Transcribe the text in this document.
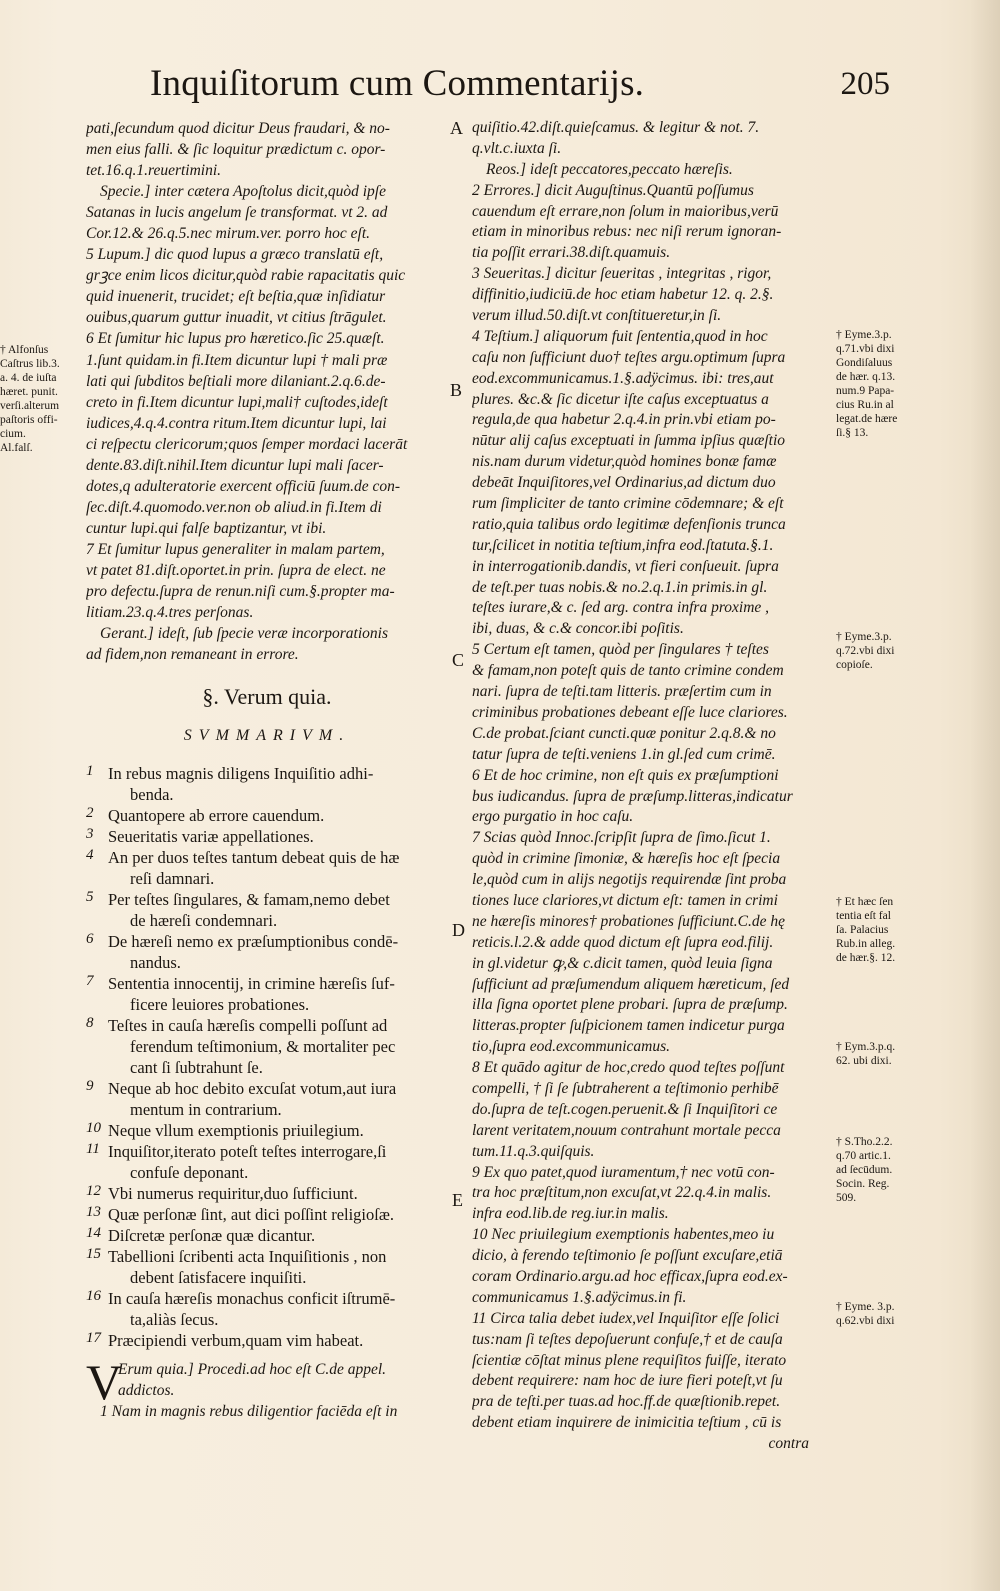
Inquiſitorum cum Commentarijs.	205
† Alfonſus
Caſtrus lib.3.
a. 4. de iuſta
hæret. punit.
verſi.alterum
paſtoris offi-
cium.
Al.falſ.
pati,ſecundum quod dicitur Deus fraudari, & no-
men eius falli. & ſic loquitur prædictum c. opor-
tet.16.q.1.reuertimini.
Specie.] inter cætera Apoſtolus dicit,quòd ipſe
Satanas in lucis angelum ſe transformat. vt 2. ad
Cor.12.& 26.q.5.nec mirum.ver. porro hoc eſt.
5 Lupum.] dic quod lupus a græco translatū eſt,
grꝫce enim licos dicitur,quòd rabie rapacitatis quic
quid inuenerit, trucidet; eſt beſtia,quæ inſidiatur
ouibus,quarum guttur inuadit, vt citius ſtrāgulet.
6 Et ſumitur hic lupus pro hæretico.ſic 25.quæſt.
1.ſunt quidam.in fi.Item dicuntur lupi † mali præ
lati qui ſubditos beſtiali more dilaniant.2.q.6.de-
creto in fi.Item dicuntur lupi,mali† cuſtodes,ideſt
iudices,4.q.4.contra ritum.Item dicuntur lupi, lai
ci reſpectu clericorum;quos ſemper mordaci lacerāt
dente.83.diſt.nihil.Item dicuntur lupi mali ſacer-
dotes,q adulteratorie exercent officiū ſuum.de con-
ſec.diſt.4.quomodo.ver.non ob aliud.in fi.Item di
cuntur lupi.qui falſe baptizantur, vt ibi.
7 Et ſumitur lupus generaliter in malam partem,
vt patet 81.diſt.oportet.in prin. ſupra de elect. ne
pro defectu.ſupra de renun.niſi cum.§.propter ma-
litiam.23.q.4.tres perſonas.
Gerant.] ideſt, ſub ſpecie veræ incorporationis
ad fidem,non remaneant in errore.
§. Verum quia.
SVMMARIVM.
1 In rebus magnis diligens Inquiſitio adhi-
benda.
2 Quantopere ab errore cauendum.
3 Seueritatis variæ appellationes.
4 An per duos teſtes tantum debeat quis de hæ
reſi damnari.
5 Per teſtes ſingulares, & famam,nemo debet
de hæreſi condemnari.
6 De hæreſi nemo ex præſumptionibus condē-
nandus.
7 Sententia innocentij, in crimine hæreſis ſuf-
ficere leuiores probationes.
8 Teſtes in cauſa hæreſis compelli poſſunt ad
ferendum teſtimonium, & mortaliter pec
cant ſi ſubtrahunt ſe.
9 Neque ab hoc debito excuſat votum,aut iura
mentum in contrarium.
10 Neque vllum exemptionis priuilegium.
11 Inquiſitor,iterato poteſt teſtes interrogare,ſi
confuſe deponant.
12 Vbi numerus requiritur,duo ſufficiunt.
13 Quæ perſonæ ſint, aut dici poſſint religioſæ.
14 Diſcretæ perſonæ quæ dicantur.
15 Tabellioni ſcribenti acta Inquiſitionis , non
debent ſatisfacere inquiſiti.
16 In cauſa hæreſis monachus conficit iſtrumē-
ta,aliàs ſecus.
17 Præcipiendi verbum,quam vim habeat.
V
Erum quia.] Procedi.ad hoc eſt C.de appel.
addictos.
1 Nam in magnis rebus diligentior faciēda eſt in
A
B
C
D
E
quiſitio.42.diſt.quieſcamus. & legitur & not. 7.
q.vlt.c.iuxta ſi.
Reos.] ideſt peccatores,peccato hæreſis.
2 Errores.] dicit Auguſtinus.Quantū poſſumus
cauendum eſt errare,non ſolum in maioribus,verū
etiam in minoribus rebus: nec niſi rerum ignoran-
tia poſſit errari.38.diſt.quamuis.
3 Seueritas.] dicitur ſeueritas , integritas , rigor,
diffinitio,iudiciū.de hoc etiam habetur 12. q. 2.§.
verum illud.50.diſt.vt conſtitueretur,in ſi.
4 Teſtium.] aliquorum fuit ſententia,quod in hoc
caſu non ſufficiunt duo† teſtes argu.optimum ſupra
eod.excommunicamus.1.§.adÿcimus. ibi: tres,aut
plures. &c.& ſic dicetur iſte caſus exceptuatus a
regula,de qua habetur 2.q.4.in prin.vbi etiam po-
nūtur alij caſus exceptuati in ſumma ipſius quæſtio
nis.nam durum videtur,quòd homines bonæ famæ
debeāt Inquiſitores,vel Ordinarius,ad dictum duo
rum ſimpliciter de tanto crimine cōdemnare; & eſt
ratio,quia talibus ordo legitimæ defenſionis trunca
tur,ſcilicet in notitia teſtium,infra eod.ſtatuta.§.1.
in interrogationib.dandis, vt fieri conſueuit. ſupra
de teſt.per tuas nobis.& no.2.q.1.in primis.in gl.
teſtes iurare,& c. ſed arg. contra infra proxime ,
ibi, duas, & c.& concor.ibi poſitis.
5 Certum eſt tamen, quòd per ſingulares † teſtes
& famam,non poteſt quis de tanto crimine condem
nari. ſupra de teſti.tam litteris. præſertim cum in
criminibus probationes debeant eſſe luce clariores.
C.de probat.ſciant cuncti.quæ ponitur 2.q.8.& no
tatur ſupra de teſti.veniens 1.in gl.ſed cum crimē.
6 Et de hoc crimine, non eſt quis ex præſumptioni
bus iudicandus. ſupra de præſump.litteras,indicatur
ergo purgatio in hoc caſu.
7 Scias quòd Innoc.ſcripſit ſupra de ſimo.ſicut 1.
quòd in crimine ſimoniæ, & hæreſis hoc eſt ſpecia
le,quòd cum in alijs negotijs requirendæ ſint proba
tiones luce clariores,vt dictum eſt: tamen in crimi
ne hæreſis minores† probationes ſufficiunt.C.de hę
reticis.l.2.& adde quod dictum eſt ſupra eod.filij.
in gl.videtur ꝙ,& c.dicit tamen, quòd leuia ſigna
ſufficiunt ad præſumendum aliquem hæreticum, ſed
illa ſigna oportet plene probari. ſupra de præſump.
litteras.propter ſuſpicionem tamen indicetur purga
tio,ſupra eod.excommunicamus.
8 Et quādo agitur de hoc,credo quod teſtes poſſunt
compelli, † ſi ſe ſubtraherent a teſtimonio perhibē
do.ſupra de teſt.cogen.peruenit.& ſi Inquiſitori ce
larent veritatem,nouum contrahunt mortale pecca
tum.11.q.3.quiſquis.
9 Ex quo patet,quod iuramentum,† nec votū con-
tra hoc præſtitum,non excuſat,vt 22.q.4.in malis.
infra eod.lib.de reg.iur.in malis.
10 Nec priuilegium exemptionis habentes,meo iu
dicio, à ferendo teſtimonio ſe poſſunt excuſare,etiā
coram Ordinario.argu.ad hoc efficax,ſupra eod.ex-
communicamus 1.§.adÿcimus.in fi.
11 Circa talia debet iudex,vel Inquiſitor eſſe ſolici
tus:nam ſi teſtes depoſuerunt confuſe,† et de cauſa
ſcientiæ cōſtat minus plene requiſitos fuiſſe, iterato
debent requirere: nam hoc de iure fieri poteſt,vt ſu
pra de teſti.per tuas.ad hoc.ff.de quæſtionib.repet.
debent etiam inquirere de inimicitia teſtium , cū is
contra
† Eyme.3.p.
q.71.vbi dixi
Gondiſaluus
de hær. q.13.
num.9 Papa-
cius Ru.in al
legat.de hære
ſi.§ 13.
† Eyme.3.p.
q.72.vbi dixi
copioſe.
† Et hæc ſen
tentia eſt fal
ſa. Palacius
Rub.in alleg.
de hær.§. 12.
† Eym.3.p.q.
62. ubi dixi.
† S.Tho.2.2.
q.70 artic.1.
ad ſecūdum.
Socin. Reg.
509.
† Eyme. 3.p.
q.62.vbi dixi
